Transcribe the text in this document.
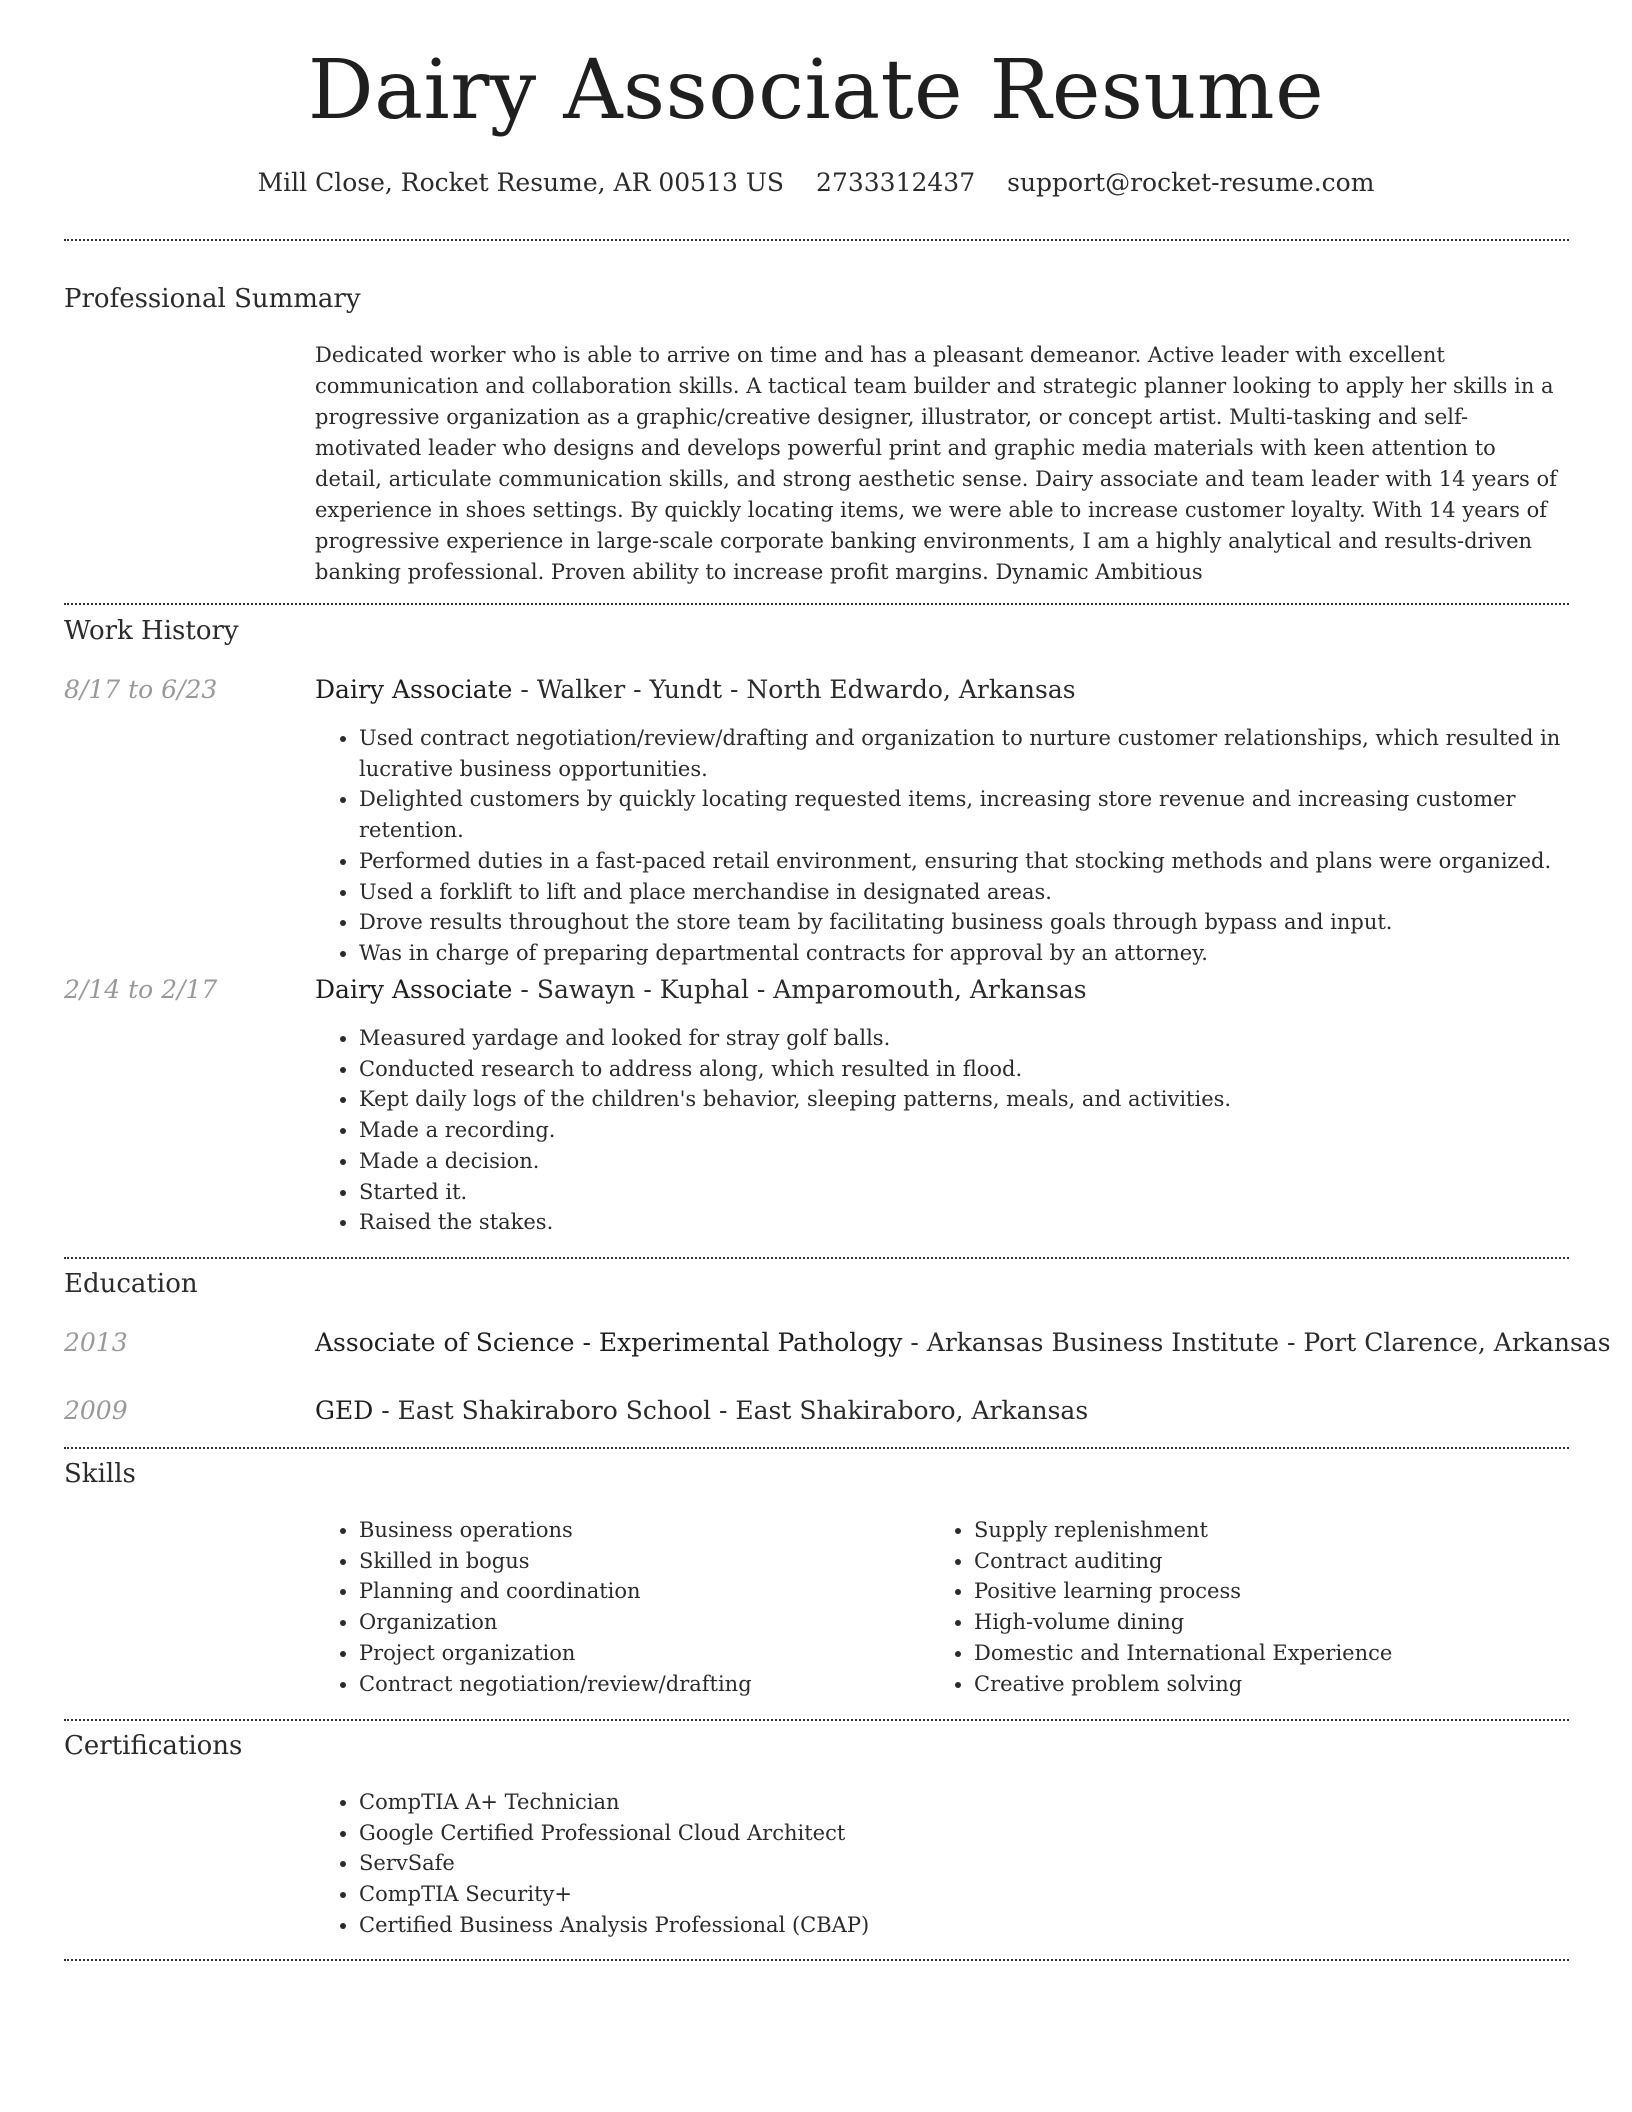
Dairy Associate Resume
Mill Close, Rocket Resume, AR 00513 US 2733312437 support@rocket-resume.com
Professional Summary
Dedicated worker who is able to arrive on time and has a pleasant demeanor. Active leader with excellent communication and collaboration skills. A tactical team builder and strategic planner looking to apply her skills in a progressive organization as a graphic/creative designer, illustrator, or concept artist. Multi-tasking and self-motivated leader who designs and develops powerful print and graphic media materials with keen attention to detail, articulate communication skills, and strong aesthetic sense. Dairy associate and team leader with 14 years of experience in shoes settings. By quickly locating items, we were able to increase customer loyalty. With 14 years of progressive experience in large-scale corporate banking environments, I am a highly analytical and results-driven banking professional. Proven ability to increase profit margins. Dynamic Ambitious
Work History
8/17 to 6/23	Dairy Associate - Walker - Yundt - North Edwardo, Arkansas
• Used contract negotiation/review/drafting and organization to nurture customer relationships, which resulted in lucrative business opportunities.
• Delighted customers by quickly locating requested items, increasing store revenue and increasing customer retention.
• Performed duties in a fast-paced retail environment, ensuring that stocking methods and plans were organized.
• Used a forklift to lift and place merchandise in designated areas.
• Drove results throughout the store team by facilitating business goals through bypass and input.
• Was in charge of preparing departmental contracts for approval by an attorney.
2/14 to 2/17	Dairy Associate - Sawayn - Kuphal - Amparomouth, Arkansas
• Measured yardage and looked for stray golf balls.
• Conducted research to address along, which resulted in flood.
• Kept daily logs of the children's behavior, sleeping patterns, meals, and activities.
• Made a recording.
• Made a decision.
• Started it.
• Raised the stakes.
Education
2013	Associate of Science - Experimental Pathology - Arkansas Business Institute - Port Clarence, Arkansas
2009	GED - East Shakiraboro School - East Shakiraboro, Arkansas
Skills
• Business operations
• Skilled in bogus
• Planning and coordination
• Organization
• Project organization
• Contract negotiation/review/drafting
• Supply replenishment
• Contract auditing
• Positive learning process
• High-volume dining
• Domestic and International Experience
• Creative problem solving
Certifications
• CompTIA A+ Technician
• Google Certified Professional Cloud Architect
• ServSafe
• CompTIA Security+
• Certified Business Analysis Professional (CBAP)
